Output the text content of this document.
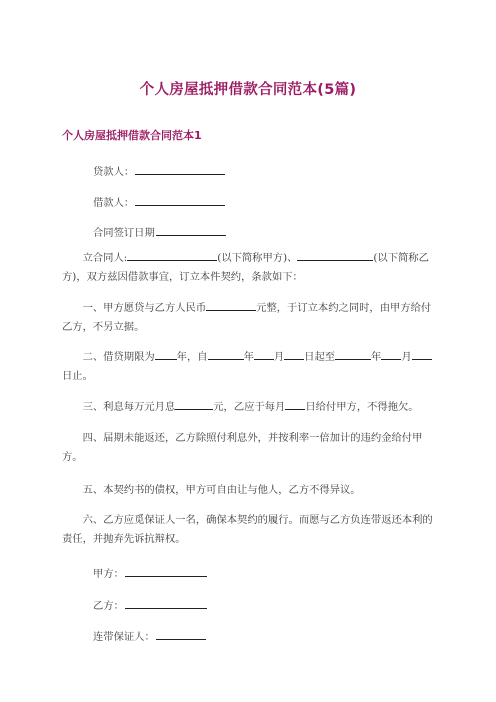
个人房屋抵押借款合同范本(5篇)
个人房屋抵押借款合同范本1
贷款人：
借款人：
合同签订日期
立合同人:	(以下简称甲方)、	(以下简称乙方)，双方兹因借款事宜，订立本件契约，条款如下：
一、甲方愿贷与乙方人民币	元整，于订立本约之同时，由甲方给付乙方，不另立据。
二、借贷期限为 年，自	年 月 日起至	年 月日止。
三、利息每万元月息	元，乙应于每月 日给付甲方，不得拖欠。
四、届期未能返还，乙方除照付利息外，并按利率一倍加计的违约金给付甲方。
五、本契约书的债权，甲方可自由让与他人，乙方不得异议。
六、乙方应觅保证人一名，确保本契约的履行。而愿与乙方负连带返还本利的责任，并抛弃先诉抗辩权。
甲方：
乙方：
连带保证人：
